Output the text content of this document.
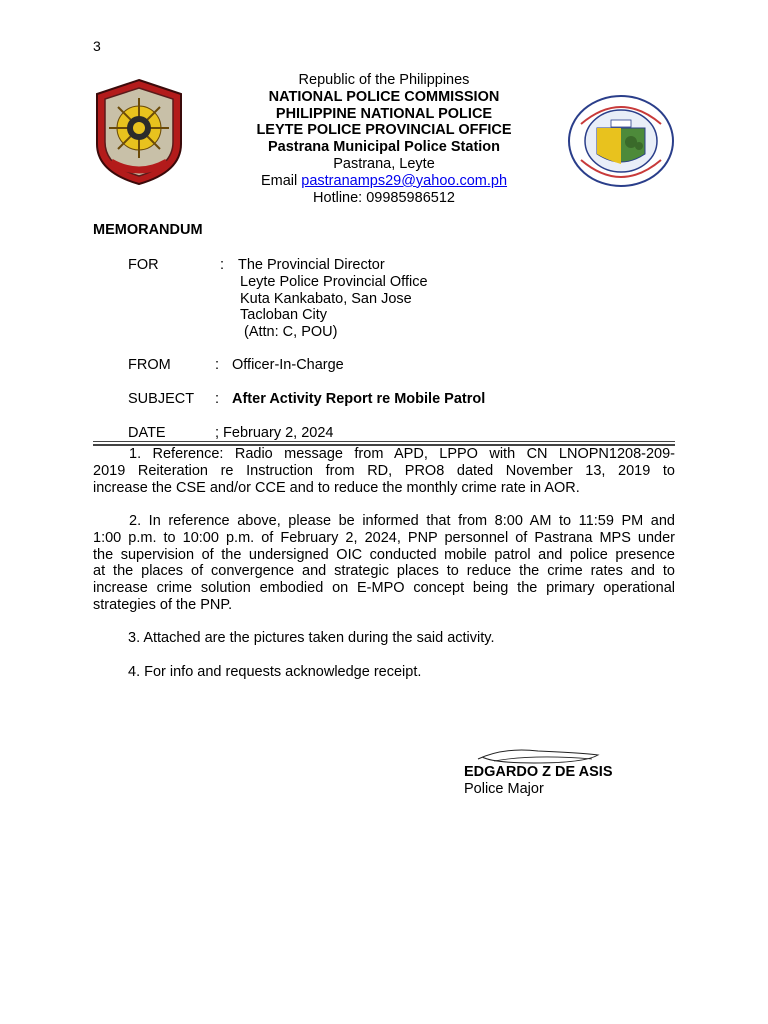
3
Republic of the Philippines
NATIONAL POLICE COMMISSION
PHILIPPINE NATIONAL POLICE
LEYTE POLICE PROVINCIAL OFFICE
Pastrana Municipal Police Station
Pastrana, Leyte
Email pastranamps29@yahoo.com.ph
Hotline: 09985986512
MEMORANDUM
FOR	: The Provincial Director
Leyte Police Provincial Office
Kuta Kankabato, San Jose
Tacloban City
(Attn: C, POU)
FROM	: Officer-In-Charge
SUBJECT : After Activity Report re Mobile Patrol
DATE	; February 2, 2024
1. Reference: Radio message from APD, LPPO with CN LNOPN1208-209-
2019 Reiteration re Instruction from RD, PRO8 dated November 13, 2019 to
increase the CSE and/or CCE and to reduce the monthly crime rate in AOR.
2. In reference above, please be informed that from 8:00 AM to 11:59 PM and
1:00 p.m. to 10:00 p.m. of February 2, 2024, PNP personnel of Pastrana MPS under
the supervision of the undersigned OIC conducted mobile patrol and police presence
at the places of convergence and strategic places to reduce the crime rates and to
increase crime solution embodied on E-MPO concept being the primary operational
strategies of the PNP.
3. Attached are the pictures taken during the said activity.
4. For info and requests acknowledge receipt.
EDGARDO Z DE ASIS
Police Major
